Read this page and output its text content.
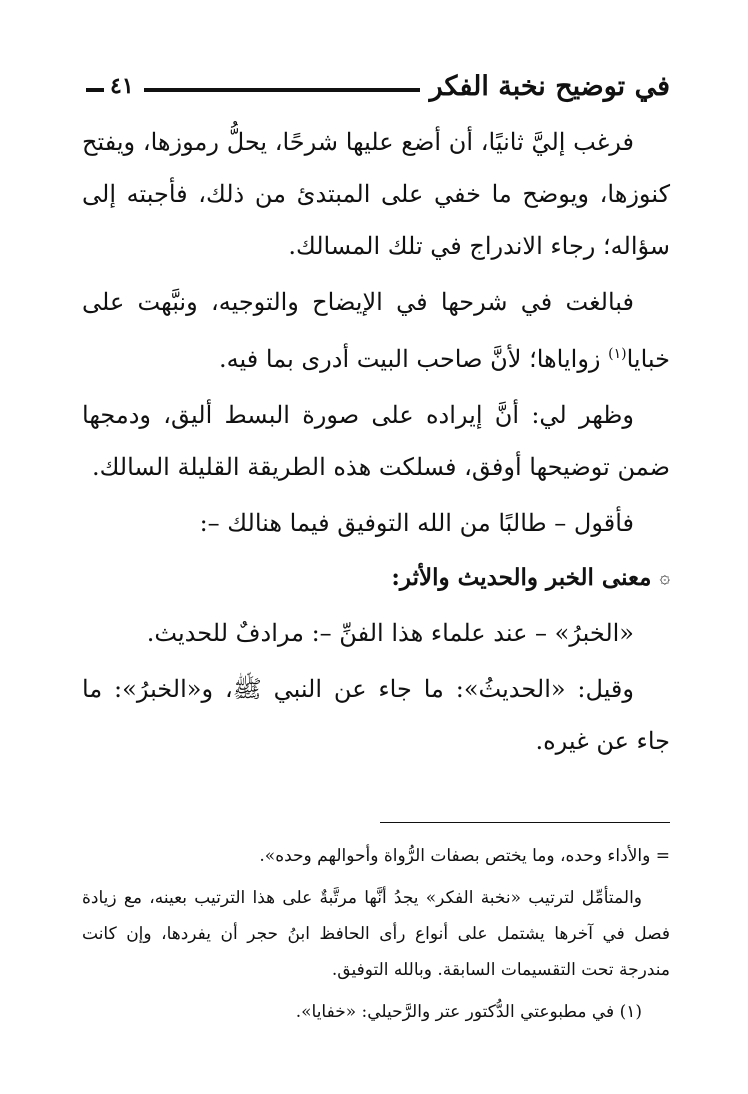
في توضيح نخبة الفكر
٤١

فرغب إليَّ ثانيًا، أن أضع عليها شرحًا، يحلُّ رموزها، ويفتح كنوزها، ويوضح ما خفي على المبتدئ من ذلك، فأجبته إلى سؤاله؛ رجاء الاندراج في تلك المسالك.

فبالغت في شرحها في الإيضاح والتوجيه، ونبَّهت على خبايا$^{(١)}$ زواياها؛ لأنَّ صاحب البيت أدرى بما فيه.

وظهر لي: أنَّ إيراده على صورة البسط أليق، ودمجها ضمن توضيحها أوفق، فسلكت هذه الطريقة القليلة السالك.

فأقول – طالبًا من الله التوفيق فيما هنالك –:

۞
معنى الخبر والحديث والأثر:

«الخبرُ» – عند علماء هذا الفنِّ –: مرادفٌ للحديث.

وقيل: «الحديثُ»: ما جاء عن النبي ﷺ، و«الخبرُ»: ما جاء عن غيره.

= والأداء وحده، وما يختص بصفات الرُّواة وأحوالهم وحده».

والمتأمِّل لترتيب «نخبة الفكر» يجدُ أنَّها مرتَّبةٌ على هذا الترتيب بعينه، مع زيادة فصل في آخرها يشتمل على أنواع رأى الحافظ ابنُ حجر أن يفردها، وإن كانت مندرجة تحت التقسيمات السابقة. وبالله التوفيق.

(١) في مطبوعتي الدُّكتور عتر والرَّحيلي: «خفايا».
